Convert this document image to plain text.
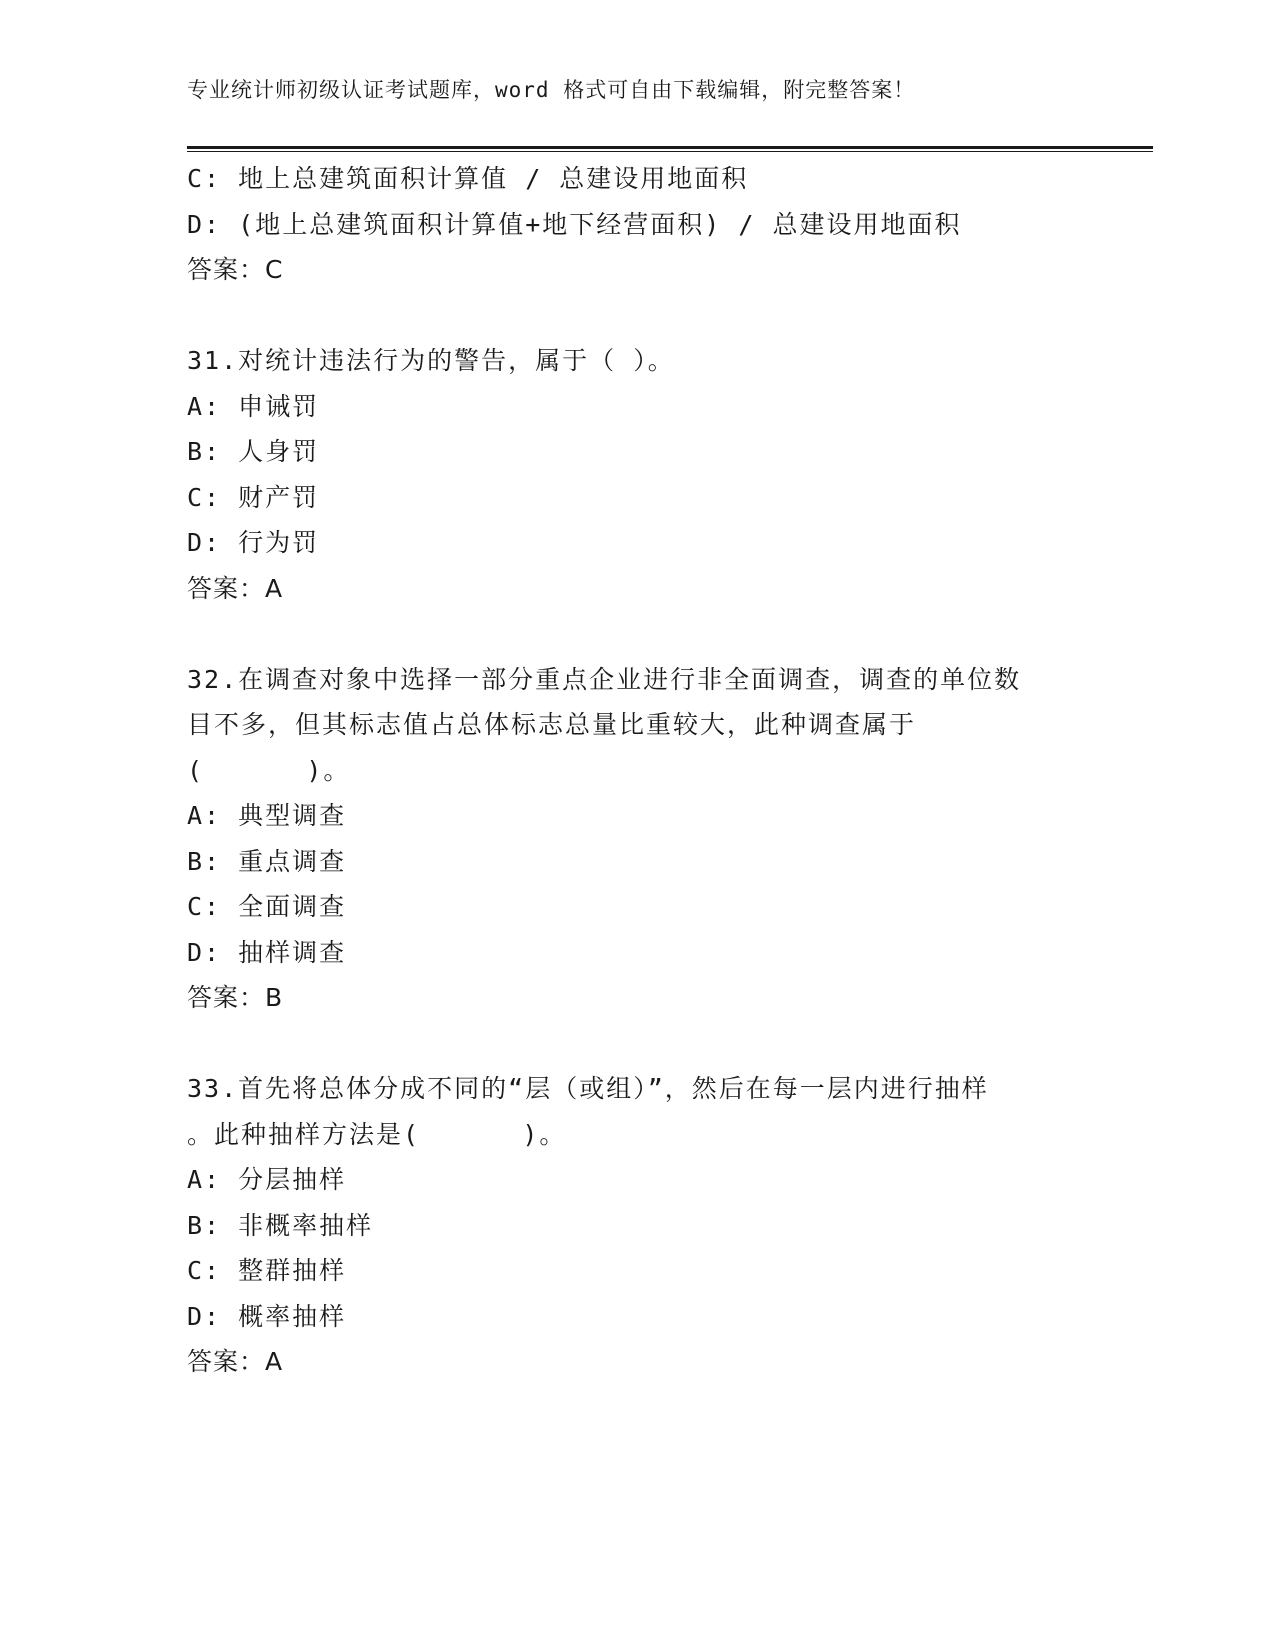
专业统计师初级认证考试题库，word 格式可自由下载编辑，附完整答案！
C: 地上总建筑面积计算值 / 总建设用地面积
D: (地上总建筑面积计算值+地下经营面积) / 总建设用地面积
答案：C
31.对统计违法行为的警告，属于（ ）。
A: 申诫罚
B: 人身罚
C: 财产罚
D: 行为罚
答案：A
32.在调查对象中选择一部分重点企业进行非全面调查，调查的单位数
目不多，但其标志值占总体标志总量比重较大，此种调查属于
(      )。
A: 典型调查
B: 重点调查
C: 全面调查
D: 抽样调查
答案：B
33.首先将总体分成不同的“层（或组）”，然后在每一层内进行抽样
。此种抽样方法是(      )。
A: 分层抽样
B: 非概率抽样
C: 整群抽样
D: 概率抽样
答案：A
